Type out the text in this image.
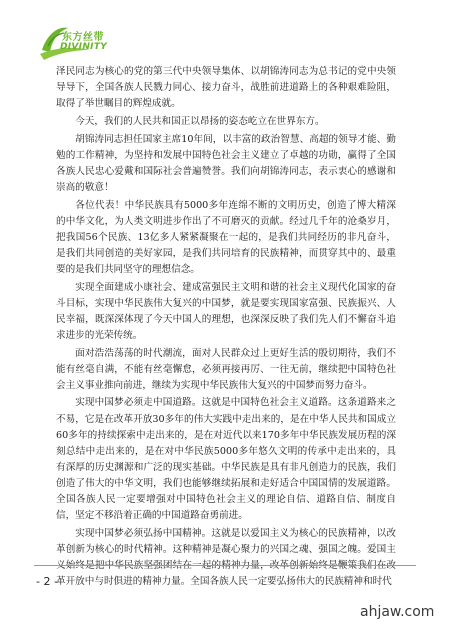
东方丝带
DIVINITY

泽民同志为核心的党的第三代中央领导集体、以胡锦涛同志为总书记的党中央领导导下，全国各族人民戮力同心、接力奋斗，战胜前进道路上的各种艰难险阻，取得了举世瞩目的辉煌成就。

今天，我们的人民共和国正以昂扬的姿态屹立在世界东方。

胡锦涛同志担任国家主席10年间，以丰富的政治智慧、高超的领导才能、勤勉的工作精神，为坚持和发展中国特色社会主义建立了卓越的功勋，赢得了全国各族人民忠心爱戴和国际社会普遍赞誉。我们向胡锦涛同志，表示衷心的感谢和崇高的敬意！

各位代表！中华民族具有5000多年连绵不断的文明历史，创造了博大精深的中华文化，为人类文明进步作出了不可磨灭的贡献。经过几千年的沧桑岁月，把我国56个民族、13亿多人紧紧凝聚在一起的，是我们共同经历的非凡奋斗，是我们共同创造的美好家园，是我们共同培育的民族精神，而贯穿其中的、最重要的是我们共同坚守的理想信念。

实现全面建成小康社会、建成富强民主文明和谐的社会主义现代化国家的奋斗目标，实现中华民族伟大复兴的中国梦，就是要实现国家富强、民族振兴、人民幸福，既深深体现了今天中国人的理想，也深深反映了我们先人们不懈奋斗追求进步的光荣传统。

面对浩浩荡荡的时代潮流，面对人民群众过上更好生活的殷切期待，我们不能有丝毫自满，不能有丝毫懈怠，必须再接再厉、一往无前，继续把中国特色社会主义事业推向前进，继续为实现中华民族伟大复兴的中国梦而努力奋斗。

实现中国梦必须走中国道路。这就是中国特色社会主义道路。这条道路来之不易，它是在改革开放30多年的伟大实践中走出来的，是在中华人民共和国成立60多年的持续探索中走出来的，是在对近代以来170多年中华民族发展历程的深刻总结中走出来的，是在对中华民族5000多年悠久文明的传承中走出来的，具有深厚的历史渊源和广泛的现实基础。中华民族是具有非凡创造力的民族，我们创造了伟大的中华文明，我们也能够继续拓展和走好适合中国国情的发展道路。全国各族人民一定要增强对中国特色社会主义的理论自信、道路自信、制度自信，坚定不移沿着正确的中国道路奋勇前进。

实现中国梦必须弘扬中国精神。这就是以爱国主义为核心的民族精神，以改革创新为核心的时代精神。这种精神是凝心聚力的兴国之魂、强国之魄。爱国主义始终是把中华民族坚强团结在一起的精神力量，改革创新始终是鞭策我们在改革开放中与时俱进的精神力量。全国各族人民一定要弘扬伟大的民族精神和时代

- 2 -
ahjaw.com
